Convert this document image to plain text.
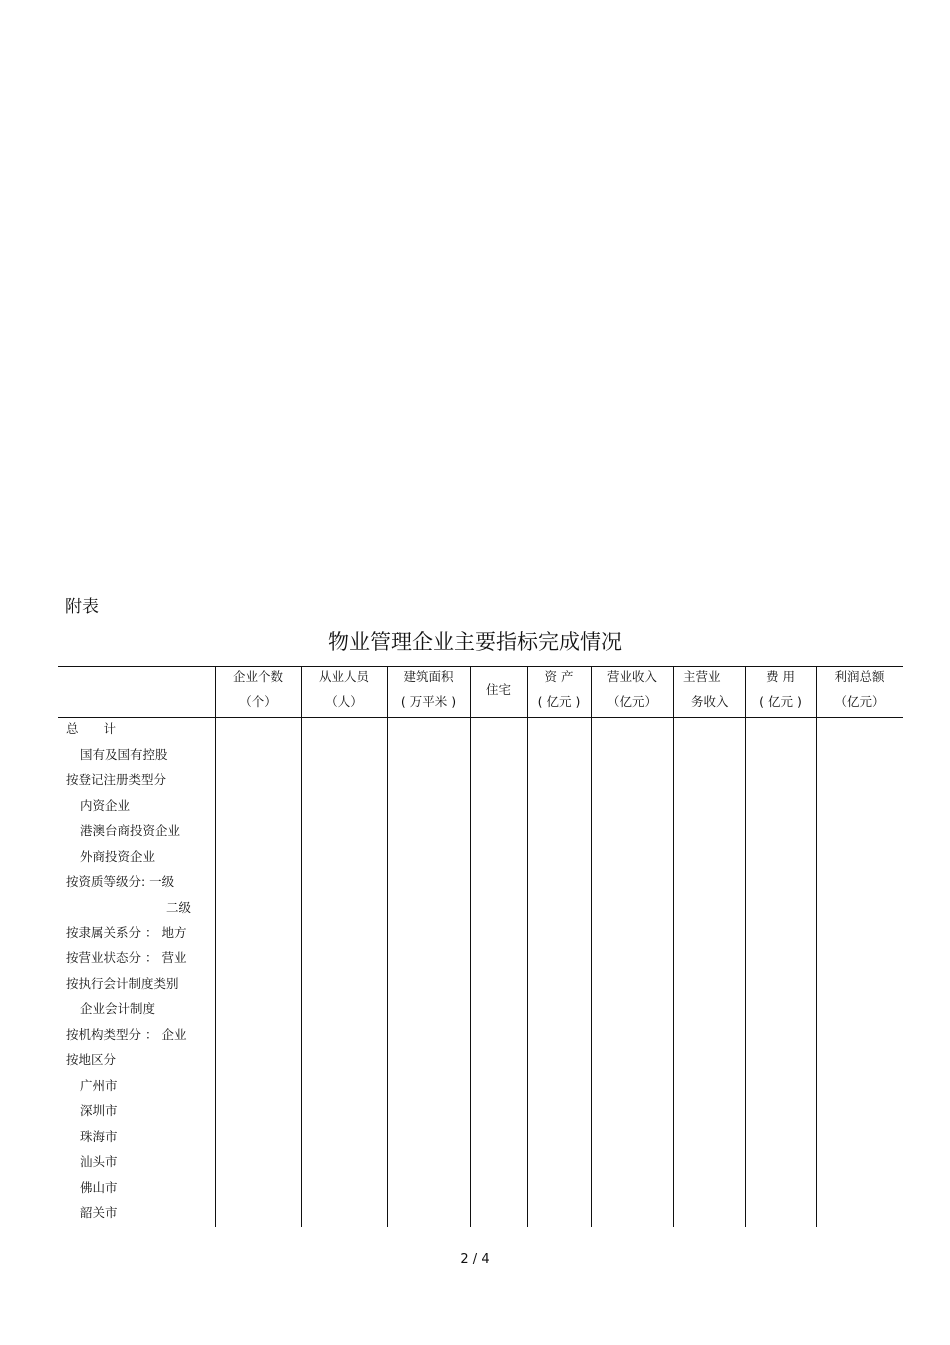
附表
物业管理企业主要指标完成情况
企业个数
（个）
从业人员
（人）
建筑面积
( 万平米 )
住宅
资 产
( 亿元 )
营业收入
（亿元）
主营业
务收入
费 用
( 亿元 )
利润总额
（亿元）
总　　计
国有及国有控股
按登记注册类型分
内资企业
港澳台商投资企业
外商投资企业
按资质等级分: 一级
二级
按隶属关系分 ： 地方
按营业状态分 ： 营业
按执行会计制度类别
企业会计制度
按机构类型分 ： 企业
按地区分
广州市
深圳市
珠海市
汕头市
佛山市
韶关市
2 / 4
